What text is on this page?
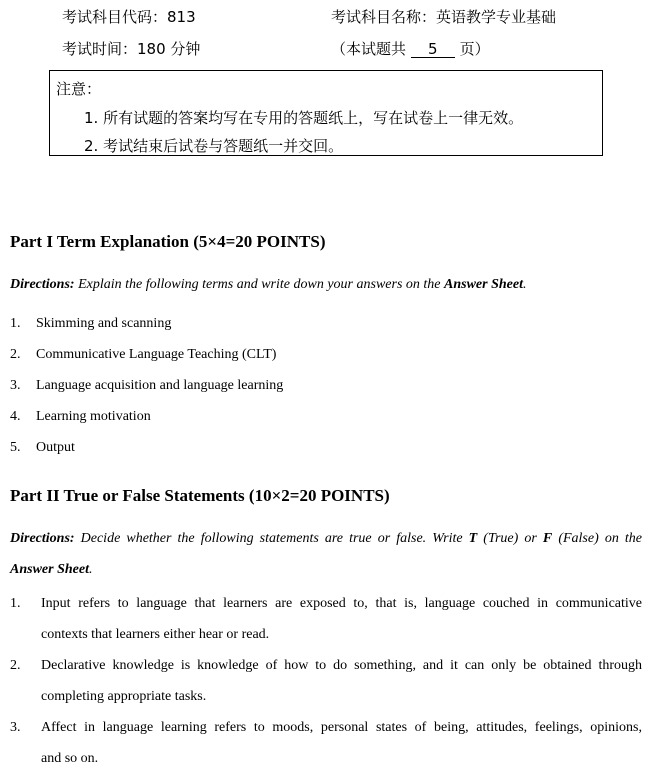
考试科目代码：813	考试科目名称：英语教学专业基础
考试时间：180 分钟	（本试题共 5 页）
注意：
1. 所有试题的答案均写在专用的答题纸上，写在试卷上一律无效。
2. 考试结束后试卷与答题纸一并交回。
Part I Term Explanation (5×4=20 POINTS)
Directions: Explain the following terms and write down your answers on the Answer Sheet.
1. Skimming and scanning
2. Communicative Language Teaching (CLT)
3. Language acquisition and language learning
4. Learning motivation
5. Output
Part II True or False Statements (10×2=20 POINTS)
Directions: Decide whether the following statements are true or false. Write T (True) or F (False) on the
Answer Sheet.
1. Input refers to language that learners are exposed to, that is, language couched in communicative
contexts that learners either hear or read.
2. Declarative knowledge is knowledge of how to do something, and it can only be obtained through
completing appropriate tasks.
3. Affect in language learning refers to moods, personal states of being, attitudes, feelings, opinions,
and so on.
